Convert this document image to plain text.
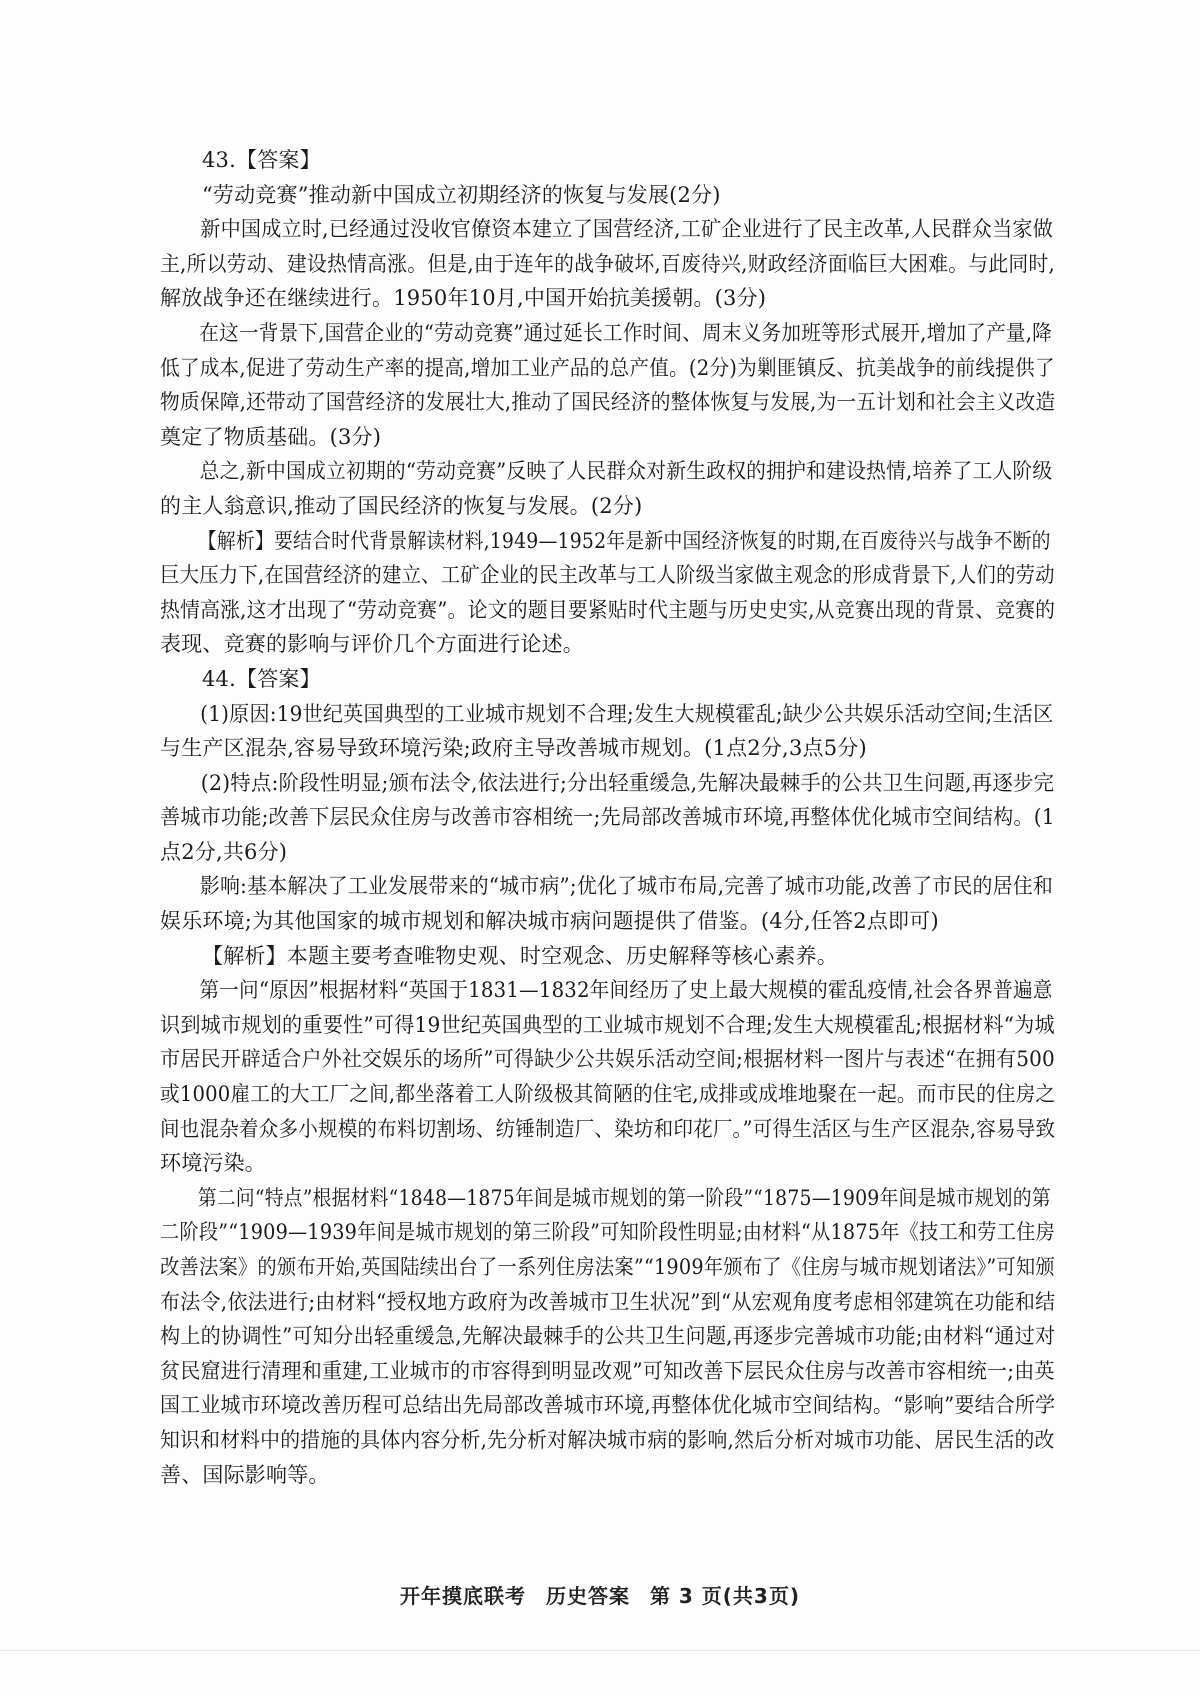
43.【答案】
“劳动竞赛”推动新中国成立初期经济的恢复与发展(2分)
新中国成立时,已经通过没收官僚资本建立了国营经济,工矿企业进行了民主改革,人民群众当家做
主,所以劳动、建设热情高涨。但是,由于连年的战争破坏,百废待兴,财政经济面临巨大困难。与此同时,
解放战争还在继续进行。1950年10月,中国开始抗美援朝。(3分)
在这一背景下,国营企业的“劳动竞赛”通过延长工作时间、周末义务加班等形式展开,增加了产量,降
低了成本,促进了劳动生产率的提高,增加工业产品的总产值。(2分)为剿匪镇反、抗美战争的前线提供了
物质保障,还带动了国营经济的发展壮大,推动了国民经济的整体恢复与发展,为一五计划和社会主义改造
奠定了物质基础。(3分)
总之,新中国成立初期的“劳动竞赛”反映了人民群众对新生政权的拥护和建设热情,培养了工人阶级
的主人翁意识,推动了国民经济的恢复与发展。(2分)
【解析】要结合时代背景解读材料,1949—1952年是新中国经济恢复的时期,在百废待兴与战争不断的
巨大压力下,在国营经济的建立、工矿企业的民主改革与工人阶级当家做主观念的形成背景下,人们的劳动
热情高涨,这才出现了“劳动竞赛”。论文的题目要紧贴时代主题与历史史实,从竞赛出现的背景、竞赛的
表现、竞赛的影响与评价几个方面进行论述。
44.【答案】
(1)原因:19世纪英国典型的工业城市规划不合理;发生大规模霍乱;缺少公共娱乐活动空间;生活区
与生产区混杂,容易导致环境污染;政府主导改善城市规划。(1点2分,3点5分)
(2)特点:阶段性明显;颁布法令,依法进行;分出轻重缓急,先解决最棘手的公共卫生问题,再逐步完
善城市功能;改善下层民众住房与改善市容相统一;先局部改善城市环境,再整体优化城市空间结构。(1
点2分,共6分)
影响:基本解决了工业发展带来的“城市病”;优化了城市布局,完善了城市功能,改善了市民的居住和
娱乐环境;为其他国家的城市规划和解决城市病问题提供了借鉴。(4分,任答2点即可)
【解析】本题主要考查唯物史观、时空观念、历史解释等核心素养。
第一问“原因”根据材料“英国于1831—1832年间经历了史上最大规模的霍乱疫情,社会各界普遍意
识到城市规划的重要性”可得19世纪英国典型的工业城市规划不合理;发生大规模霍乱;根据材料“为城
市居民开辟适合户外社交娱乐的场所”可得缺少公共娱乐活动空间;根据材料一图片与表述“在拥有500
或1000雇工的大工厂之间,都坐落着工人阶级极其简陋的住宅,成排或成堆地聚在一起。而市民的住房之
间也混杂着众多小规模的布料切割场、纺锤制造厂、染坊和印花厂。”可得生活区与生产区混杂,容易导致
环境污染。
第二问“特点”根据材料“1848—1875年间是城市规划的第一阶段”“1875—1909年间是城市规划的第
二阶段”“1909—1939年间是城市规划的第三阶段”可知阶段性明显;由材料“从1875年《技工和劳工住房
改善法案》的颁布开始,英国陆续出台了一系列住房法案”“1909年颁布了《住房与城市规划诸法》”可知颁
布法令,依法进行;由材料“授权地方政府为改善城市卫生状况”到“从宏观角度考虑相邻建筑在功能和结
构上的协调性”可知分出轻重缓急,先解决最棘手的公共卫生问题,再逐步完善城市功能;由材料“通过对
贫民窟进行清理和重建,工业城市的市容得到明显改观”可知改善下层民众住房与改善市容相统一;由英
国工业城市环境改善历程可总结出先局部改善城市环境,再整体优化城市空间结构。“影响”要结合所学
知识和材料中的措施的具体内容分析,先分析对解决城市病的影响,然后分析对城市功能、居民生活的改
善、国际影响等。
开年摸底联考 历史答案 第 3 页(共3页)
